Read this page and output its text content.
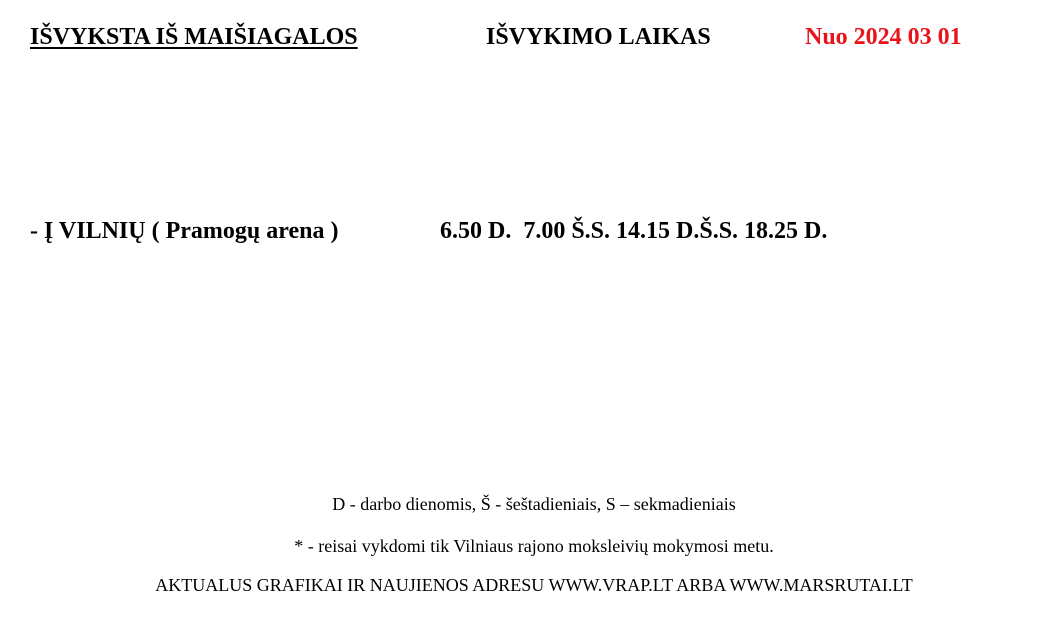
IŠVYKSTA IŠ MAIŠIAGALOS	IŠVYKIMO LAIKAS	Nuo 2024 03 01
- Į VILNIŲ ( Pramogų arena )	6.50 D.  7.00 Š.S. 14.15 D.Š.S. 18.25 D.
D - darbo dienomis, Š - šeštadieniais, S – sekmadieniais
* - reisai vykdomi tik Vilniaus rajono moksleivių mokymosi metu.
AKTUALUS GRAFIKAI IR NAUJIENOS ADRESU WWW.VRAP.LT ARBA WWW.MARSRUTAI.LT
